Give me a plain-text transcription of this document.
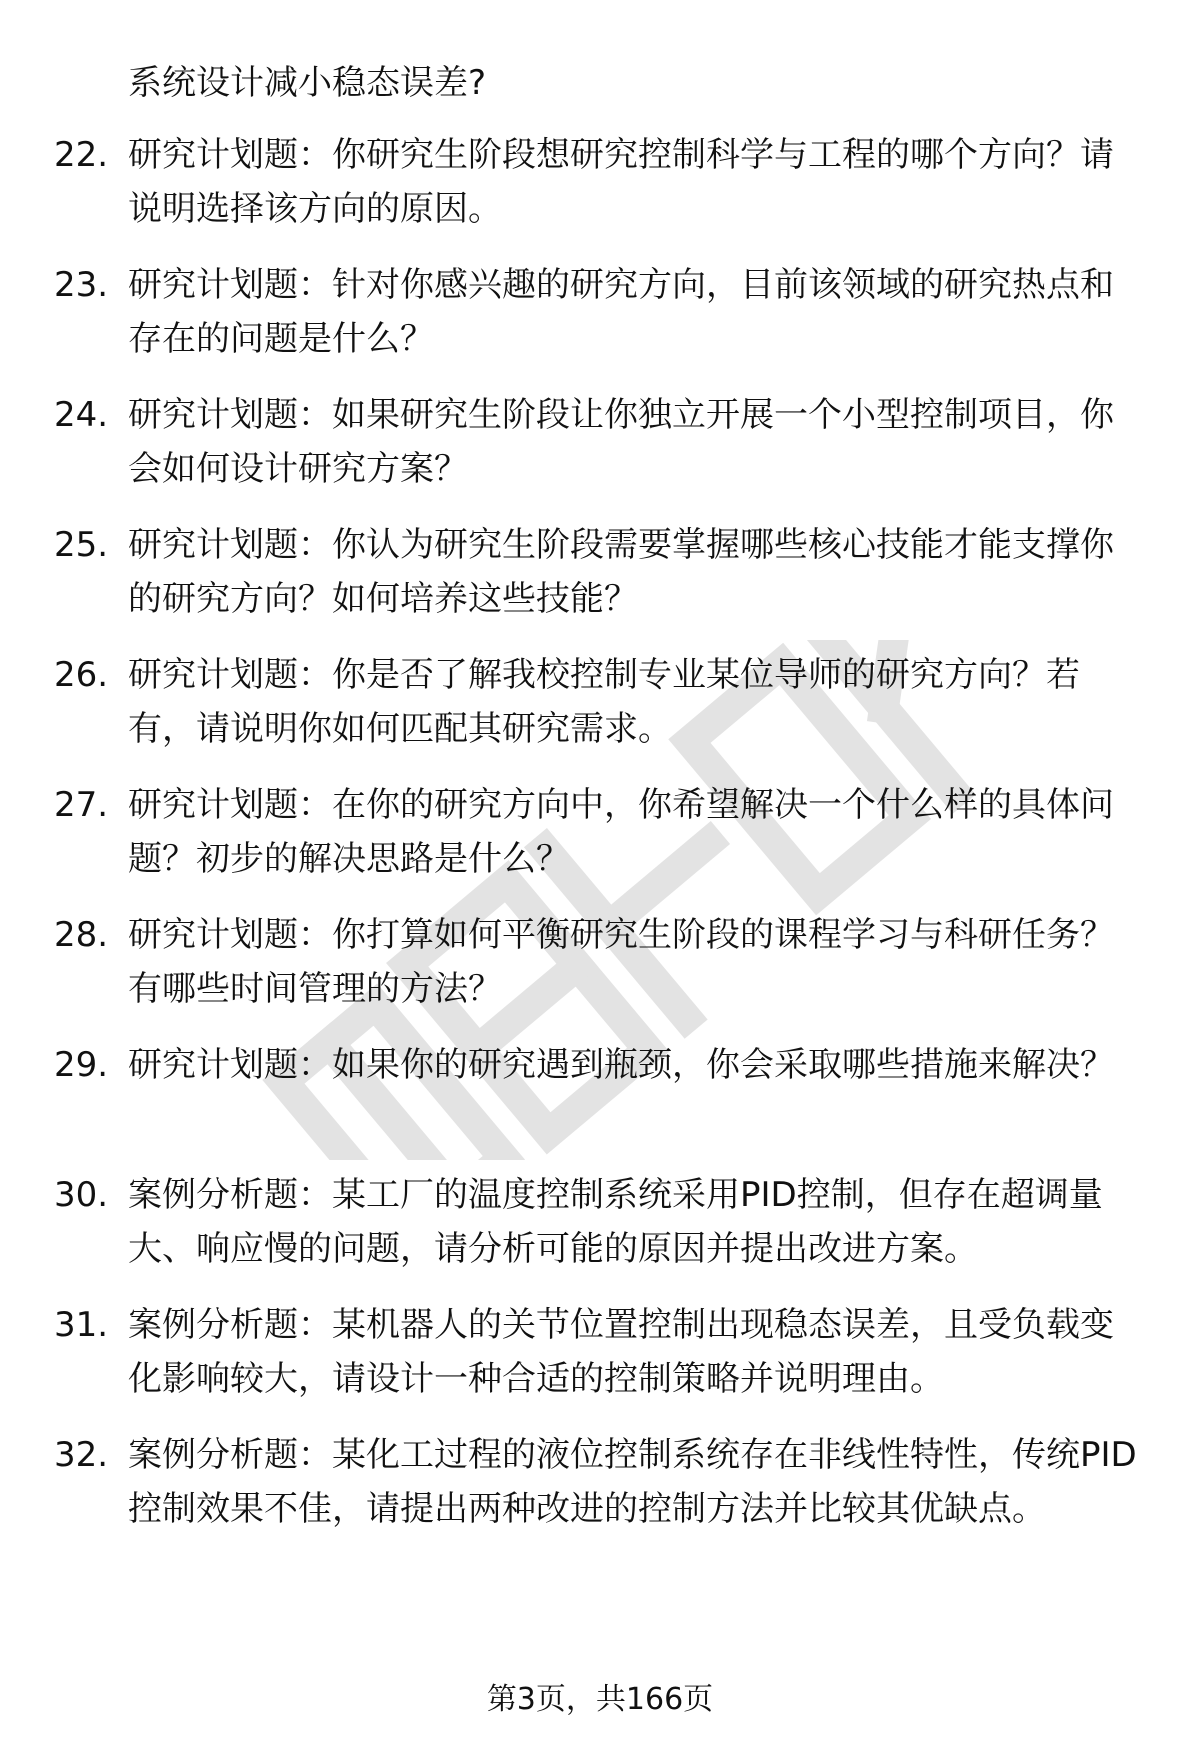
系统设计减小稳态误差?

22. 研究计划题：你研究生阶段想研究控制科学与工程的哪个方向？请说明选择该方向的原因。

23. 研究计划题：针对你感兴趣的研究方向，目前该领域的研究热点和存在的问题是什么？

24. 研究计划题：如果研究生阶段让你独立开展一个小型控制项目，你会如何设计研究方案？

25. 研究计划题：你认为研究生阶段需要掌握哪些核心技能才能支撑你的研究方向？如何培养这些技能？

26. 研究计划题：你是否了解我校控制专业某位导师的研究方向？若有，请说明你如何匹配其研究需求。

27. 研究计划题：在你的研究方向中，你希望解决一个什么样的具体问题？初步的解决思路是什么？

28. 研究计划题：你打算如何平衡研究生阶段的课程学习与科研任务？有哪些时间管理的方法？

29. 研究计划题：如果你的研究遇到瓶颈，你会采取哪些措施来解决？

30. 案例分析题：某工厂的温度控制系统采用PID控制，但存在超调量大、响应慢的问题，请分析可能的原因并提出改进方案。

31. 案例分析题：某机器人的关节位置控制出现稳态误差，且受负载变化影响较大，请设计一种合适的控制策略并说明理由。

32. 案例分析题：某化工过程的液位控制系统存在非线性特性，传统PID控制效果不佳，请提出两种改进的控制方法并比较其优缺点。

第3页，共166页
